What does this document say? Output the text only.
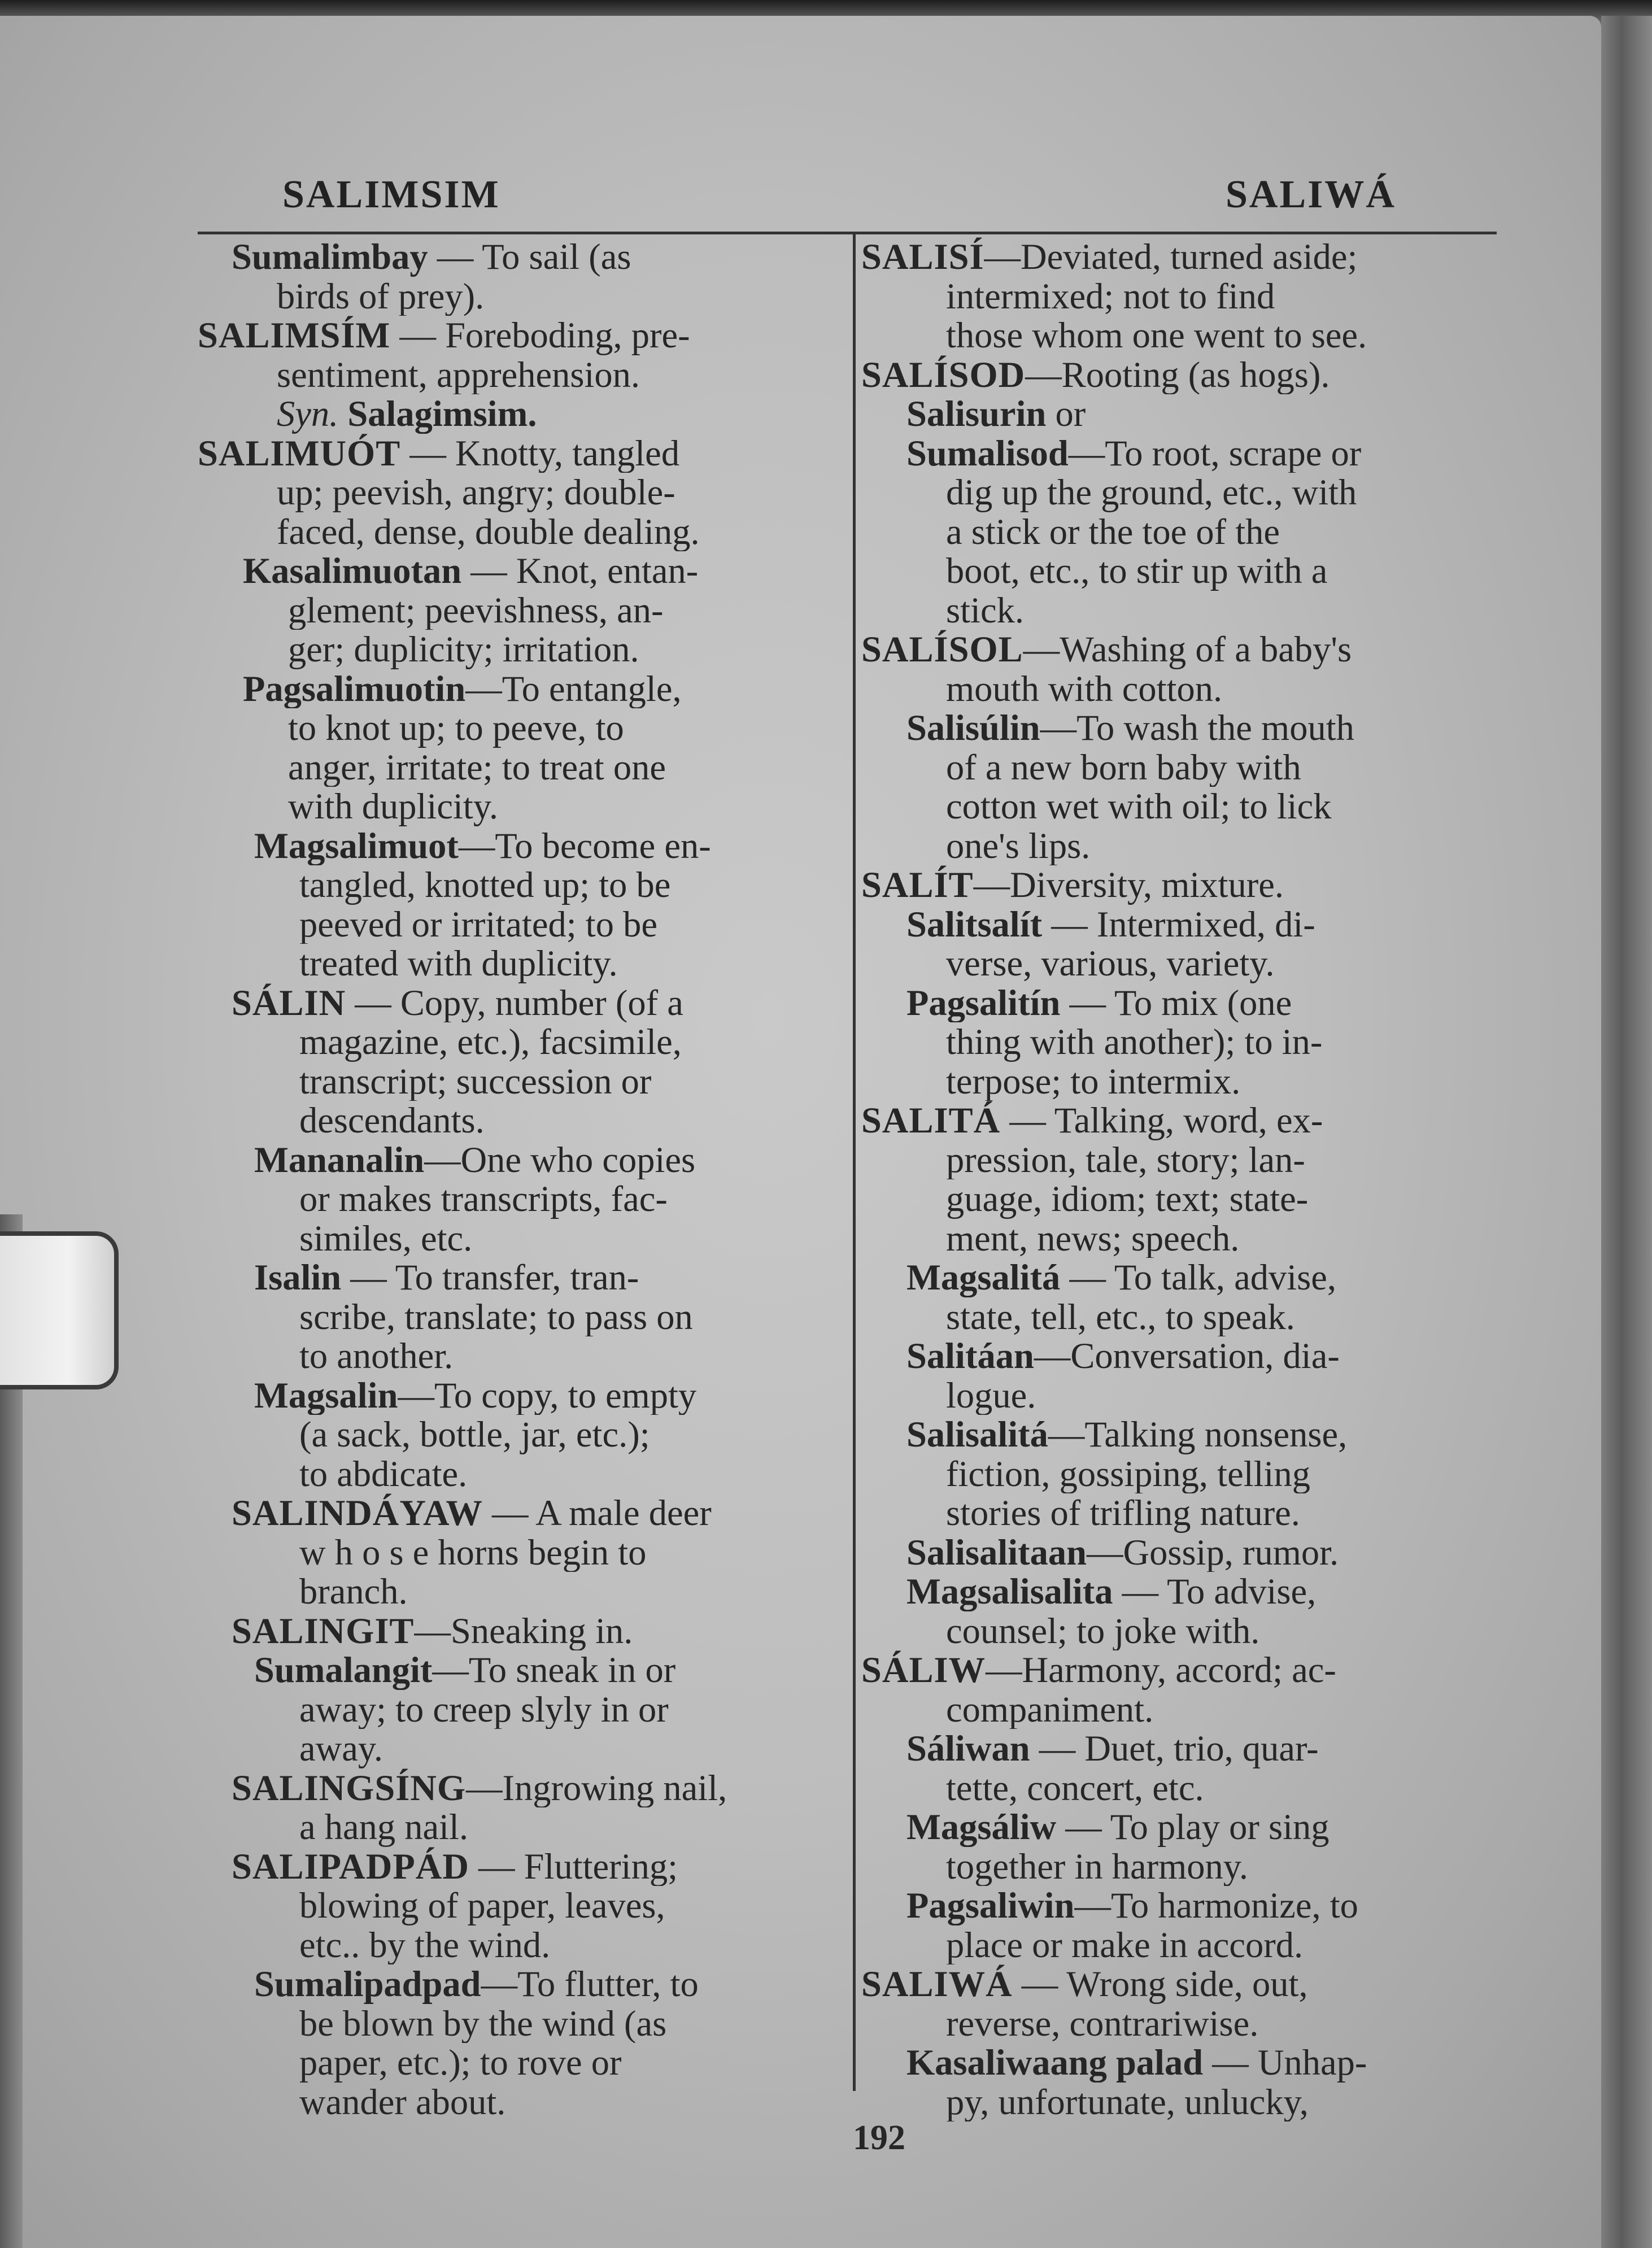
SALIMSIM	SALIWÁ
Sumalimbay — To sail (as
birds of prey).
SALIMSÍM — Foreboding, pre-
sentiment, apprehension.
Syn. Salagimsim.
SALIMUÓT — Knotty, tangled
up; peevish, angry; double-
faced, dense, double dealing.
Kasalimuotan — Knot, entan-
glement; peevishness, an-
ger; duplicity; irritation.
Pagsalimuotin—To entangle,
to knot up; to peeve, to
anger, irritate; to treat one
with duplicity.
Magsalimuot—To become en-
tangled, knotted up; to be
peeved or irritated; to be
treated with duplicity.
SÁLIN — Copy, number (of a
magazine, etc.), facsimile,
transcript; succession or
descendants.
Mananalin—One who copies
or makes transcripts, fac-
similes, etc.
Isalin — To transfer, tran-
scribe, translate; to pass on
to another.
Magsalin—To copy, to empty
(a sack, bottle, jar, etc.);
to abdicate.
SALINDÁYAW — A male deer
w h o s e horns begin to
branch.
SALINGIT—Sneaking in.
Sumalangit—To sneak in or
away; to creep slyly in or
away.
SALINGSÍNG—Ingrowing nail,
a hang nail.
SALIPADPÁD — Fluttering;
blowing of paper, leaves,
etc.. by the wind.
Sumalipadpad—To flutter, to
be blown by the wind (as
paper, etc.); to rove or
wander about.
SALISÍ—Deviated, turned aside;
intermixed; not to find
those whom one went to see.
SALÍSOD—Rooting (as hogs).
Salisurin or
Sumalisod—To root, scrape or
dig up the ground, etc., with
a stick or the toe of the
boot, etc., to stir up with a
stick.
SALÍSOL—Washing of a baby's
mouth with cotton.
Salisúlin—To wash the mouth
of a new born baby with
cotton wet with oil; to lick
one's lips.
SALÍT—Diversity, mixture.
Salitsalít — Intermixed, di-
verse, various, variety.
Pagsalitín — To mix (one
thing with another); to in-
terpose; to intermix.
SALITÁ — Talking, word, ex-
pression, tale, story; lan-
guage, idiom; text; state-
ment, news; speech.
Magsalitá — To talk, advise,
state, tell, etc., to speak.
Salitáan—Conversation, dia-
logue.
Salisalitá—Talking nonsense,
fiction, gossiping, telling
stories of trifling nature.
Salisalitaan—Gossip, rumor.
Magsalisalita — To advise,
counsel; to joke with.
SÁLIW—Harmony, accord; ac-
companiment.
Sáliwan — Duet, trio, quar-
tette, concert, etc.
Magsáliw — To play or sing
together in harmony.
Pagsaliwin—To harmonize, to
place or make in accord.
SALIWÁ — Wrong side, out,
reverse, contrariwise.
Kasaliwaang palad — Unhap-
py, unfortunate, unlucky,
192
